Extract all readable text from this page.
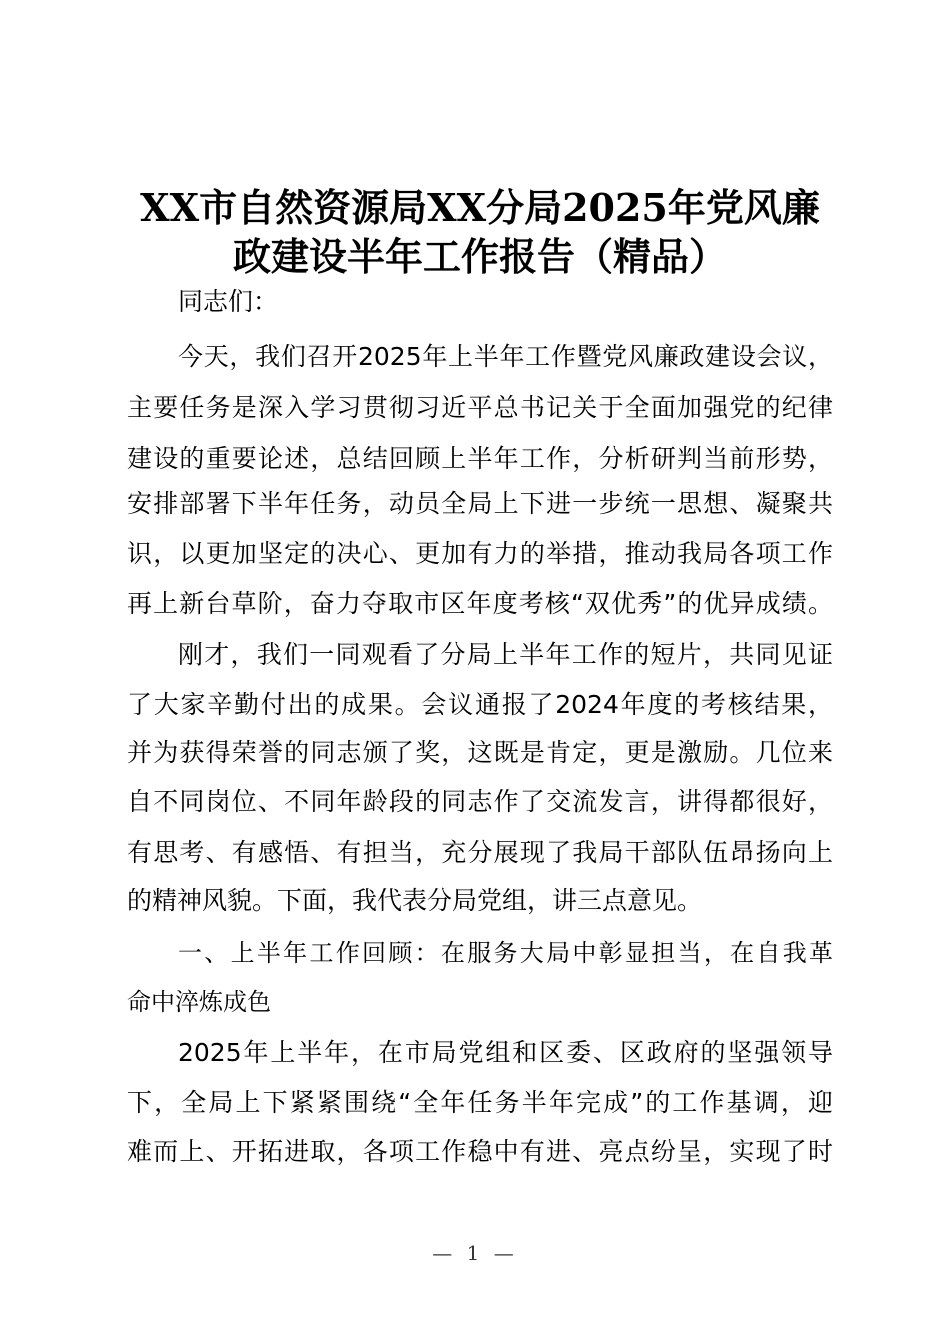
XX市自然资源局XX分局2025年党风廉
政建设半年工作报告（精品）
同志们：
今天，我们召开2025年上半年工作暨党风廉政建设会议，
主要任务是深入学习贯彻习近平总书记关于全面加强党的纪律
建设的重要论述，总结回顾上半年工作，分析研判当前形势，
安排部署下半年任务，动员全局上下进一步统一思想、凝聚共
识，以更加坚定的决心、更加有力的举措，推动我局各项工作
再上新台草阶，奋力夺取市区年度考核“双优秀”的优异成绩。
刚才，我们一同观看了分局上半年工作的短片，共同见证
了大家辛勤付出的成果。会议通报了2024年度的考核结果，
并为获得荣誉的同志颁了奖，这既是肯定，更是激励。几位来
自不同岗位、不同年龄段的同志作了交流发言，讲得都很好，
有思考、有感悟、有担当，充分展现了我局干部队伍昂扬向上
的精神风貌。下面，我代表分局党组，讲三点意见。
一、上半年工作回顾：在服务大局中彰显担当，在自我革
命中淬炼成色
2025年上半年，在市局党组和区委、区政府的坚强领导
下，全局上下紧紧围绕“全年任务半年完成”的工作基调，迎
难而上、开拓进取，各项工作稳中有进、亮点纷呈，实现了时
— 1 —
